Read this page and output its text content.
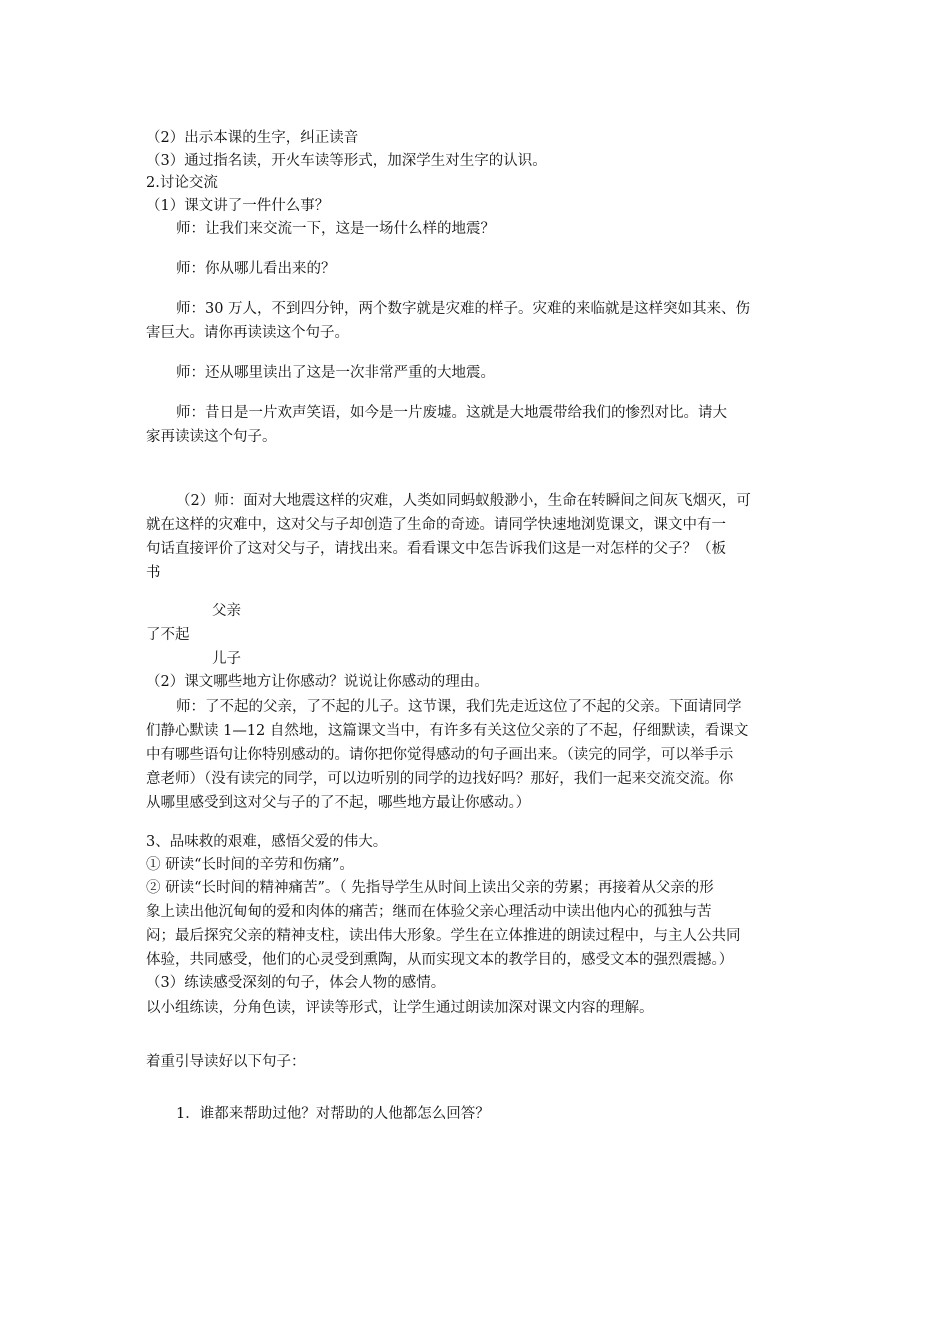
（2）出示本课的生字，纠正读音
（3）通过指名读，开火车读等形式，加深学生对生字的认识。
2.讨论交流
（1）课文讲了一件什么事？
师：让我们来交流一下，这是一场什么样的地震？
师：你从哪儿看出来的？
师：30 万人，不到四分钟，两个数字就是灾难的样子。灾难的来临就是这样突如其来、伤
害巨大。请你再读读这个句子。
师：还从哪里读出了这是一次非常严重的大地震。
师：昔日是一片欢声笑语，如今是一片废墟。这就是大地震带给我们的惨烈对比。请大
家再读读这个句子。
（2）师：面对大地震这样的灾难，人类如同蚂蚁般渺小，生命在转瞬间之间灰飞烟灭，可
就在这样的灾难中，这对父与子却创造了生命的奇迹。请同学快速地浏览课文，课文中有一
句话直接评价了这对父与子，请找出来。看看课文中怎告诉我们这是一对怎样的父子？（板
书
父亲
了不起
儿子
（2）课文哪些地方让你感动？说说让你感动的理由。
师：了不起的父亲，了不起的儿子。这节课，我们先走近这位了不起的父亲。下面请同学
们静心默读 1—12 自然地，这篇课文当中，有许多有关这位父亲的了不起，仔细默读，看课文
中有哪些语句让你特别感动的。请你把你觉得感动的句子画出来。（读完的同学，可以举手示
意老师）（没有读完的同学，可以边听别的同学的边找好吗？那好，我们一起来交流交流。你
从哪里感受到这对父与子的了不起，哪些地方最让你感动。）
3、品味救的艰难，感悟父爱的伟大。
① 研读“长时间的辛劳和伤痛”。
② 研读“长时间的精神痛苦”。（ 先指导学生从时间上读出父亲的劳累；再接着从父亲的形
象上读出他沉甸甸的爱和肉体的痛苦；继而在体验父亲心理活动中读出他内心的孤独与苦
闷；最后探究父亲的精神支柱，读出伟大形象。学生在立体推进的朗读过程中，与主人公共同
体验，共同感受，他们的心灵受到熏陶，从而实现文本的教学目的，感受文本的强烈震撼。）
（3）练读感受深刻的句子，体会人物的感情。
以小组练读，分角色读，评读等形式，让学生通过朗读加深对课文内容的理解。
着重引导读好以下句子：
1．谁都来帮助过他？对帮助的人他都怎么回答？
